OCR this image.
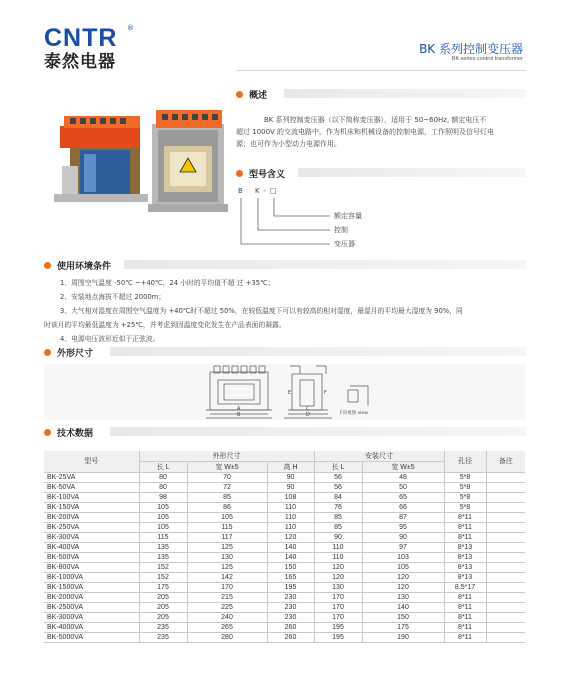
CNTR ®
泰然电器
BK 系列控制变压器
BK series control transformer
概述
BK 系列控制变压器（以下简称变压器），适用于 50~60Hz, 额定电压不
超过 1000V 的交流电路中。作为机床和机械设备的控制电源，工作照明及信号灯电
源；也可作为小型动力电源作用。
型号含义
B K - □
额定容量
控制
变压器
使用环境条件
1、周围空气温度 -50℃ ~+40℃，24 小时的平均值不超 过 +35℃；
2、安装地点海拔不超过 2000m；
3、大气相对湿度在周围空气温度为 +40℃时不超过 50%，在较低温度下可以有较高的相对湿度，最湿月的平均最大湿度为 90%，同
时该月的平均最低温度为 +25℃，并考虑到因温度变化发生在产品表面的凝露。
4、电源电压波形近似于正弦波。
外形尺寸
A
B
C
D
E	F
F向视图 view
技术数据
型号	外形尺寸			安装尺寸		孔径	备注
	长 L	宽 W±5	高 H	长 L	宽 W±5		
BK-25VA	80	70	90	56	48	5*8	
BK-50VA	80	72	90	56	50	5*8	
BK-100VA	98	85	108	84	65	5*8	
BK-150VA	105	86	110	76	66	5*8	
BK-200VA	105	105	110	85	87	8*11	
BK-250VA	105	115	110	85	95	8*11	
BK-300VA	115	117	120	90	90	8*11	
BK-400VA	135	125	140	110	97	8*13	
BK-500VA	135	130	140	110	103	8*13	
BK-800VA	152	125	150	120	105	8*13	
BK-1000VA	152	142	165	120	120	8*13	
BK-1500VA	175	170	195	130	120	8.5*17	
BK-2000VA	205	215	230	170	130	8*11	
BK-2500VA	205	225	230	170	140	8*11	
BK-3000VA	205	240	230	170	150	8*11	
BK-4000VA	235	265	260	195	175	8*11	
BK-5000VA	235	280	260	195	190	8*11	
